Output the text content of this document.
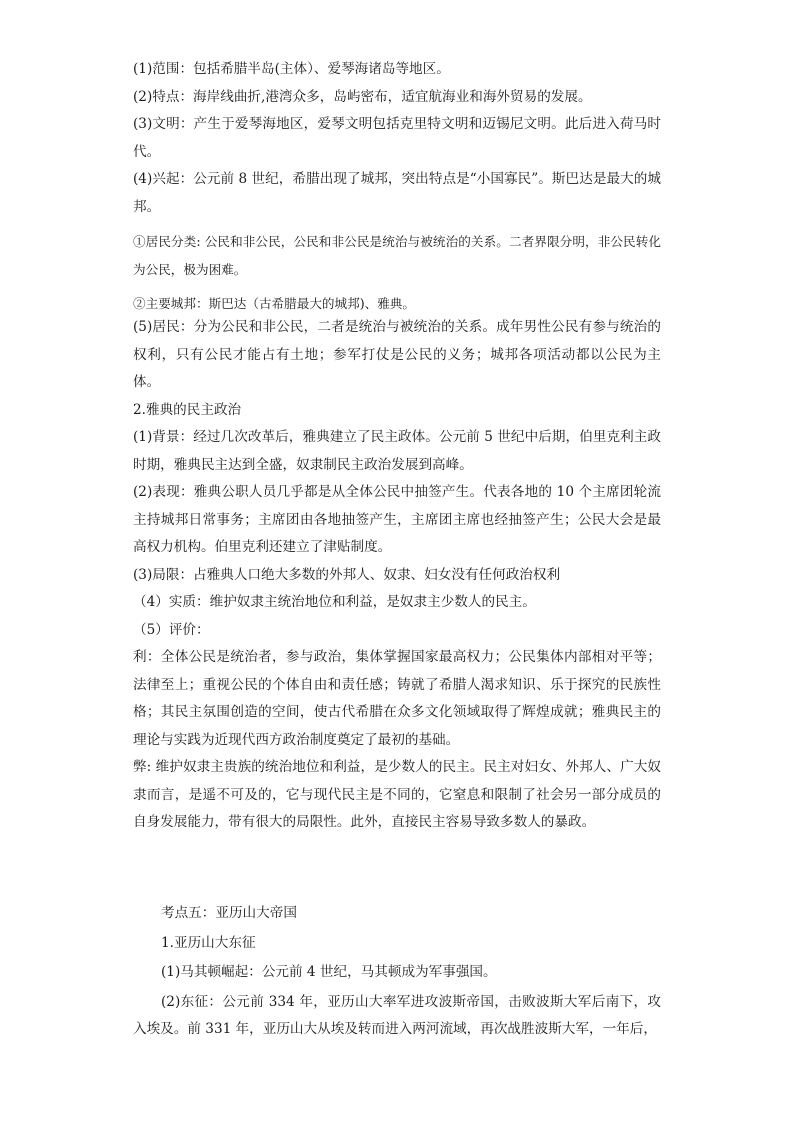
(1)范围：包括希腊半岛(主体）、爱琴海诸岛等地区。

(2)特点：海岸线曲折,港湾众多，岛屿密布，适宜航海业和海外贸易的发展。

(3)文明：产生于爱琴海地区，爱琴文明包括克里特文明和迈锡尼文明。此后进入荷马时代。

(4)兴起：公元前 8 世纪，希腊出现了城邦，突出特点是“小国寡民”。斯巴达是最大的城邦。

①居民分类: 公民和非公民，公民和非公民是统治与被统治的关系。二者界限分明，非公民转化为公民，极为困难。

②主要城邦：斯巴达（古希腊最大的城邦)、雅典。

(5)居民：分为公民和非公民，二者是统治与被统治的关系。成年男性公民有参与统治的权利，只有公民才能占有土地；参军打仗是公民的义务；城邦各项活动都以公民为主体。

2.雅典的民主政治

(1)背景：经过几次改革后，雅典建立了民主政体。公元前 5 世纪中后期，伯里克利主政时期，雅典民主达到全盛，奴隶制民主政治发展到高峰。

(2)表现：雅典公职人员几乎都是从全体公民中抽签产生。代表各地的 10 个主席团轮流主持城邦日常事务；主席团由各地抽签产生，主席团主席也经抽签产生；公民大会是最高权力机构。伯里克利还建立了津贴制度。

(3)局限：占雅典人口绝大多数的外邦人、奴隶、妇女没有任何政治权利

（4）实质：维护奴隶主统治地位和利益，是奴隶主少数人的民主。

（5）评价：

利：全体公民是统治者，参与政治，集体掌握国家最高权力；公民集体内部相对平等；法律至上；重视公民的个体自由和责任感；铸就了希腊人渴求知识、乐于探究的民族性格；其民主氛围创造的空间，使古代希腊在众多文化领域取得了辉煌成就；雅典民主的理论与实践为近现代西方政治制度奠定了最初的基础。

弊: 维护奴隶主贵族的统治地位和利益，是少数人的民主。民主对妇女、外邦人、广大奴隶而言，是遥不可及的，它与现代民主是不同的，它窒息和限制了社会另一部分成员的自身发展能力，带有很大的局限性。此外，直接民主容易导致多数人的暴政。

考点五：亚历山大帝国

1.亚历山大东征

(1)马其顿崛起：公元前 4 世纪，马其顿成为军事强国。

(2)东征：公元前 334 年，亚历山大率军进攻波斯帝国，击败波斯大军后南下，攻入埃及。前 331 年，亚历山大从埃及转而进入两河流域，再次战胜波斯大军，一年后，
